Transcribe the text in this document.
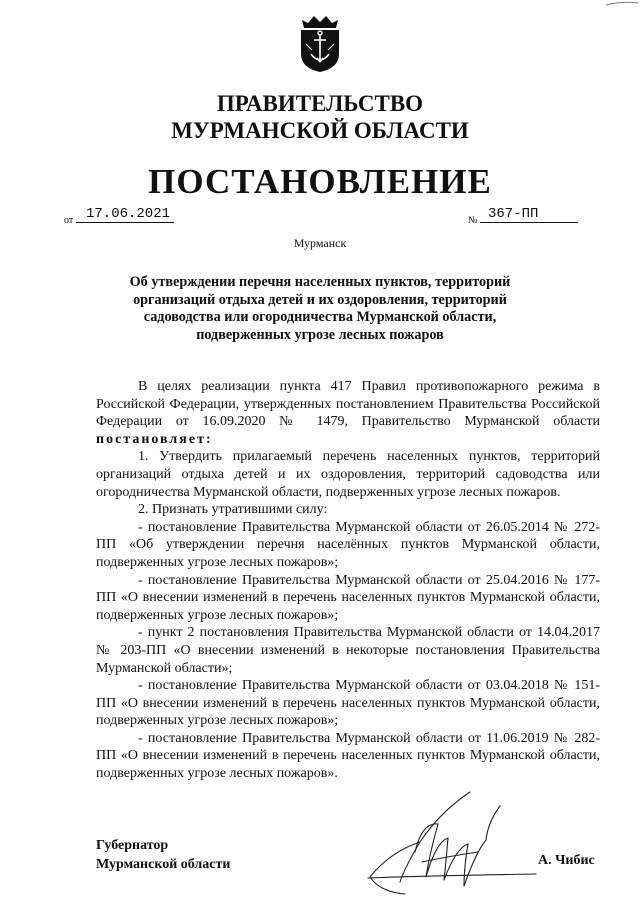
ПРАВИТЕЛЬСТВО
МУРМАНСКОЙ ОБЛАСТИ
ПОСТАНОВЛЕНИЕ
от 17.06.2021	№ 367-ПП
Мурманск
Об утверждении перечня населенных пунктов, территорий организаций отдыха детей и их оздоровления, территорий садоводства или огородничества Мурманской области, подверженных угрозе лесных пожаров

В целях реализации пункта 417 Правил противопожарного режима в Российской Федерации, утвержденных постановлением Правительства Российской Федерации от 16.09.2020 № 1479, Правительство Мурманской области постановляет:

1. Утвердить прилагаемый перечень населенных пунктов, территорий организаций отдыха детей и их оздоровления, территорий садоводства или огородничества Мурманской области, подверженных угрозе лесных пожаров.

2. Признать утратившими силу:

- постановление Правительства Мурманской области от 26.05.2014 № 272-ПП «Об утверждении перечня населённых пунктов Мурманской области, подверженных угрозе лесных пожаров»;

- постановление Правительства Мурманской области от 25.04.2016 № 177-ПП «О внесении изменений в перечень населенных пунктов Мурманской области, подверженных угрозе лесных пожаров»;

- пункт 2 постановления Правительства Мурманской области от 14.04.2017 № 203-ПП «О внесении изменений в некоторые постановления Правительства Мурманской области»;

- постановление Правительства Мурманской области от 03.04.2018 № 151-ПП «О внесении изменений в перечень населенных пунктов Мурманской области, подверженных угрозе лесных пожаров»;

- постановление Правительства Мурманской области от 11.06.2019 № 282-ПП «О внесении изменений в перечень населенных пунктов Мурманской области, подверженных угрозе лесных пожаров».

Губернатор
Мурманской области	А. Чибис
